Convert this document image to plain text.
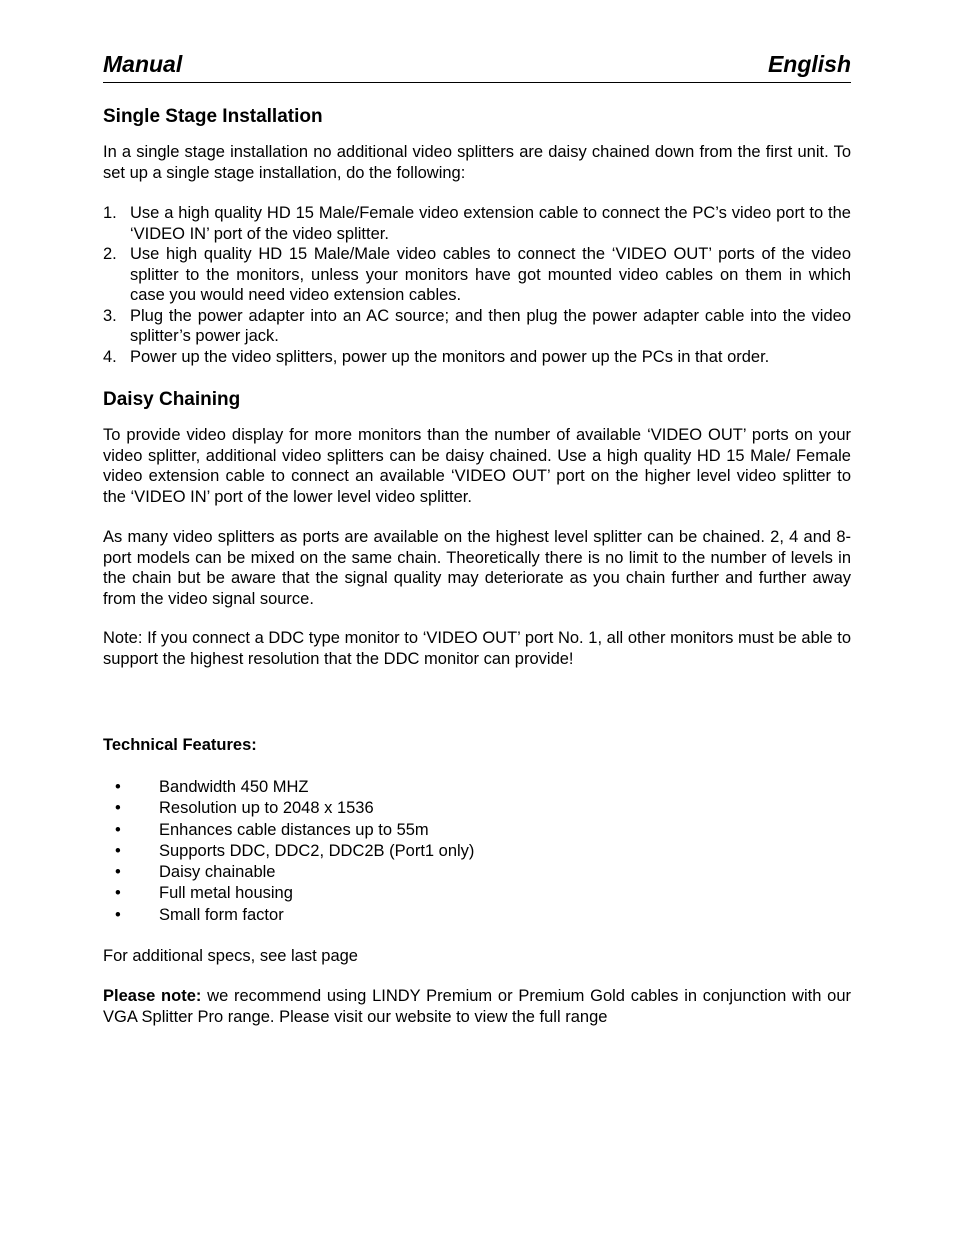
Manual	English
Single Stage Installation

In a single stage installation no additional video splitters are daisy chained down from the first unit. To set up a single stage installation, do the following:

1. Use a high quality HD 15 Male/Female video extension cable to connect the PC’s video port to the ‘VIDEO IN’ port of the video splitter.
2. Use high quality HD 15 Male/Male video cables to connect the ‘VIDEO OUT’ ports of the video splitter to the monitors, unless your monitors have got mounted video cables on them in which case you would need video extension cables.
3. Plug the power adapter into an AC source; and then plug the power adapter cable into the video splitter’s power jack.
4. Power up the video splitters, power up the monitors and power up the PCs in that order.
Daisy Chaining

To provide video display for more monitors than the number of available ‘VIDEO OUT’ ports on your video splitter, additional video splitters can be daisy chained. Use a high quality HD 15 Male/ Female video extension cable to connect an available ‘VIDEO OUT’ port on the higher level video splitter to the ‘VIDEO IN’ port of the lower level video splitter.

As many video splitters as ports are available on the highest level splitter can be chained. 2, 4 and 8-port models can be mixed on the same chain. Theoretically there is no limit to the number of levels in the chain but be aware that the signal quality may deteriorate as you chain further and further away from the video signal source.

Note: If you connect a DDC type monitor to ‘VIDEO OUT’ port No. 1, all other monitors must be able to support the highest resolution that the DDC monitor can provide!

Technical Features:
• Bandwidth 450 MHZ
• Resolution up to 2048 x 1536
• Enhances cable distances up to 55m
• Supports DDC, DDC2, DDC2B (Port1 only)
• Daisy chainable
• Full metal housing
• Small form factor

For additional specs, see last page

Please note: we recommend using LINDY Premium or Premium Gold cables in conjunction with our VGA Splitter Pro range. Please visit our website to view the full range
